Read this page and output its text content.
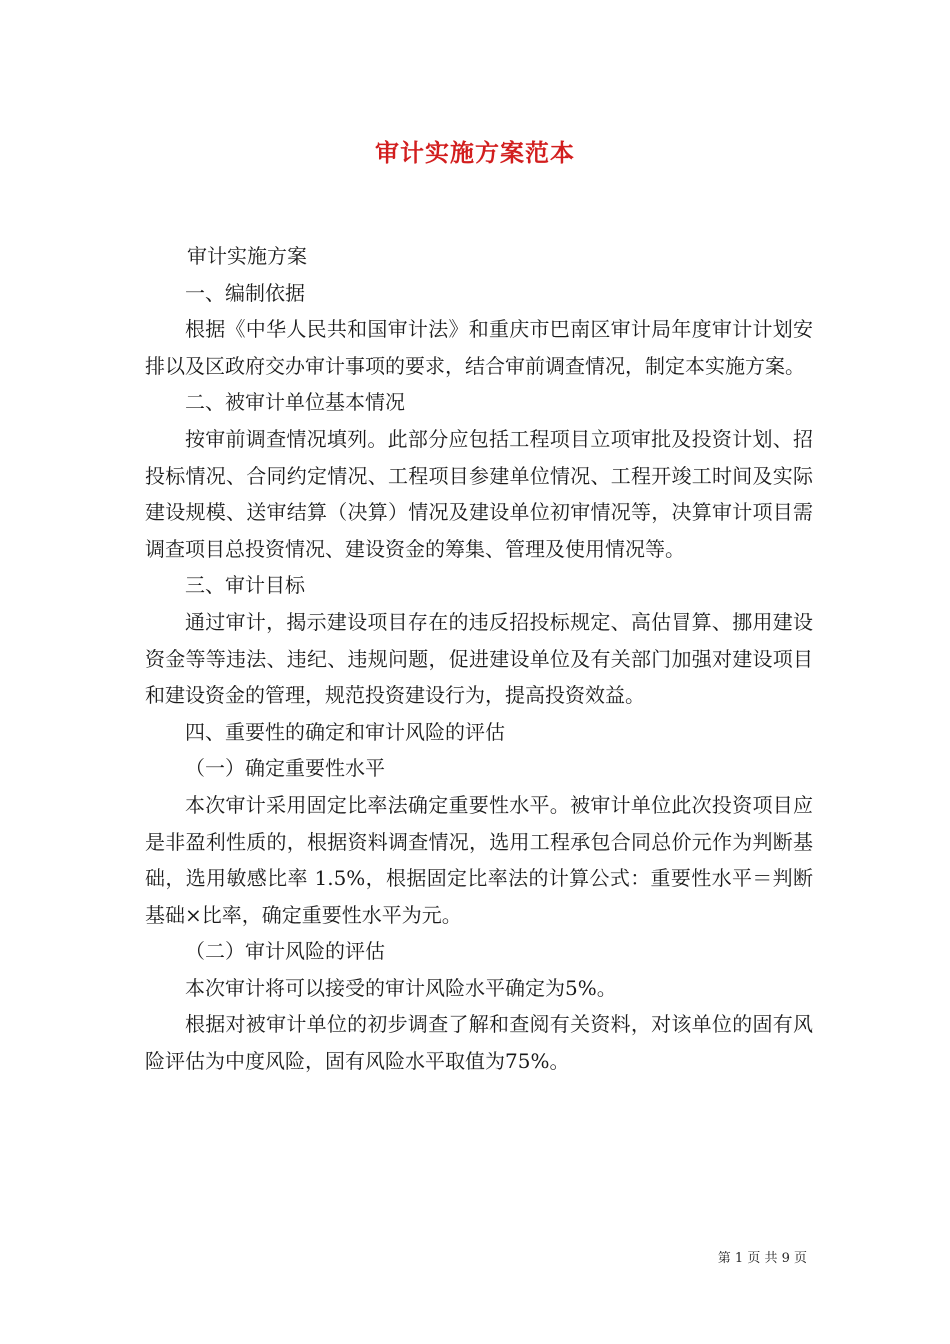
审计实施方案范本

审计实施方案

一、编制依据

根据《中华人民共和国审计法》和重庆市巴南区审计局年度审计计划安排以及区政府交办审计事项的要求，结合审前调查情况，制定本实施方案。

二、被审计单位基本情况

按审前调查情况填列。此部分应包括工程项目立项审批及投资计划、招投标情况、合同约定情况、工程项目参建单位情况、工程开竣工时间及实际建设规模、送审结算（决算）情况及建设单位初审情况等，决算审计项目需调查项目总投资情况、建设资金的筹集、管理及使用情况等。

三、审计目标

通过审计，揭示建设项目存在的违反招投标规定、高估冒算、挪用建设资金等等违法、违纪、违规问题，促进建设单位及有关部门加强对建设项目和建设资金的管理，规范投资建设行为，提高投资效益。

四、重要性的确定和审计风险的评估

（一）确定重要性水平

本次审计采用固定比率法确定重要性水平。被审计单位此次投资项目应是非盈利性质的，根据资料调查情况，选用工程承包合同总价元作为判断基础，选用敏感比率 1.5%，根据固定比率法的计算公式：重要性水平＝判断基础×比率，确定重要性水平为元。

（二）审计风险的评估

本次审计将可以接受的审计风险水平确定为5%。

根据对被审计单位的初步调查了解和查阅有关资料，对该单位的固有风险评估为中度风险，固有风险水平取值为75%。

第 1 页 共 9 页
